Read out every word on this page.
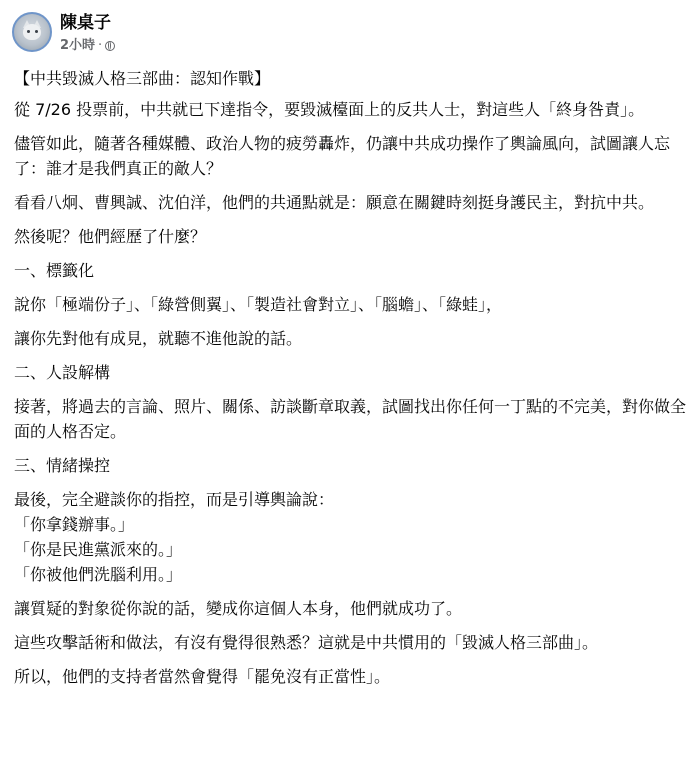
陳桌子
2小時 ·

【中共毀滅人格三部曲：認知作戰】

從 7/26 投票前，中共就已下達指令，要毀滅檯面上的反共人士，對這些人「終身咎責」。

儘管如此，隨著各種媒體、政治人物的疲勞轟炸，仍讓中共成功操作了輿論風向，試圖讓人忘了：誰才是我們真正的敵人？

看看八炯、曹興誠、沈伯洋，他們的共通點就是：願意在關鍵時刻挺身護民主，對抗中共。

然後呢？他們經歷了什麼？

一、標籤化

說你「極端份子」、「綠營側翼」、「製造社會對立」、「腦蟾」、「綠蛙」，

讓你先對他有成見，就聽不進他說的話。

二、人設解構

接著，將過去的言論、照片、關係、訪談斷章取義，試圖找出你任何一丁點的不完美，對你做全面的人格否定。

三、情緒操控

最後，完全避談你的指控，而是引導輿論說：

「你拿錢辦事。」

「你是民進黨派來的。」

「你被他們洗腦利用。」

讓質疑的對象從你說的話，變成你這個人本身，他們就成功了。

這些攻擊話術和做法，有沒有覺得很熟悉？這就是中共慣用的「毀滅人格三部曲」。

所以，他們的支持者當然會覺得「罷免沒有正當性」。
